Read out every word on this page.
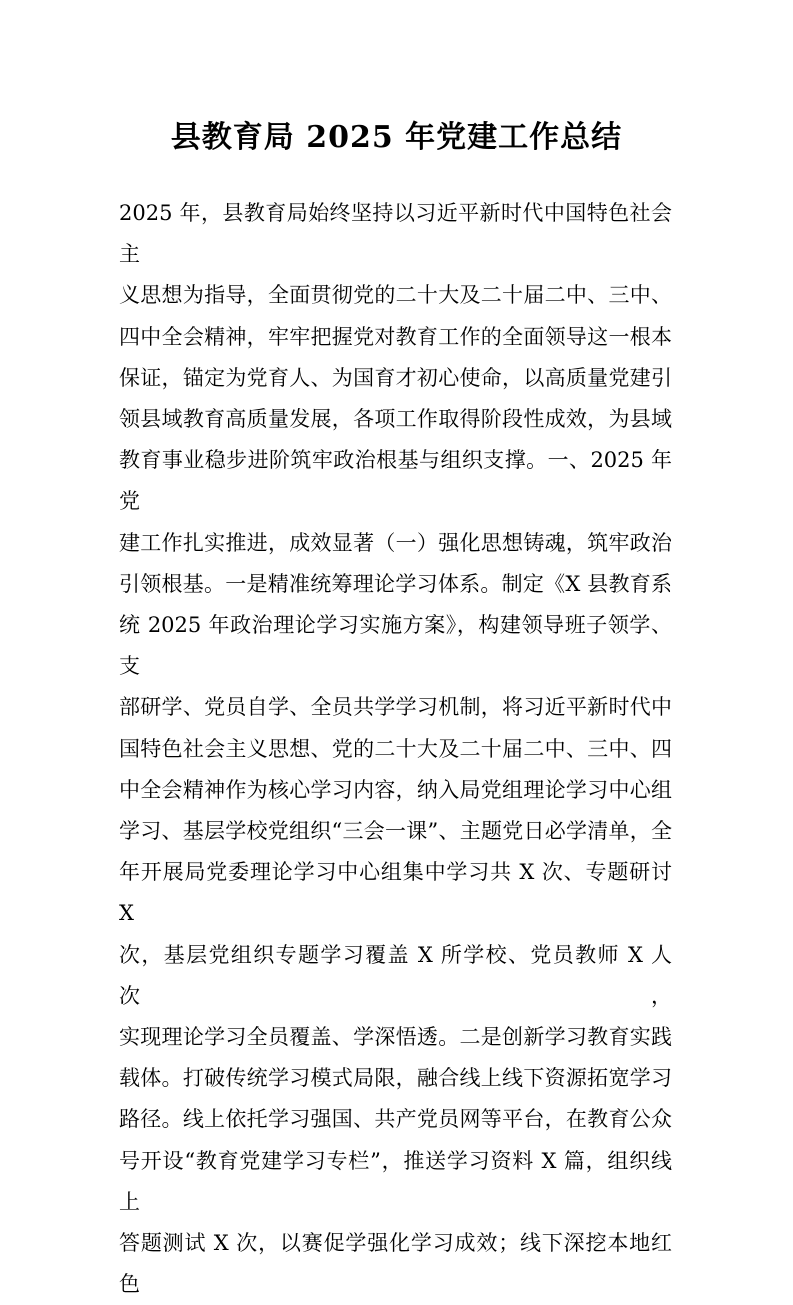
县教育局 2025 年党建工作总结
2025 年，县教育局始终坚持以习近平新时代中国特色社会主
义思想为指导，全面贯彻党的二十大及二十届二中、三中、
四中全会精神，牢牢把握党对教育工作的全面领导这一根本
保证，锚定为党育人、为国育才初心使命，以高质量党建引
领县域教育高质量发展，各项工作取得阶段性成效，为县域
教育事业稳步进阶筑牢政治根基与组织支撑。一、2025 年党
建工作扎实推进，成效显著（一）强化思想铸魂，筑牢政治
引领根基。一是精准统筹理论学习体系。制定《X 县教育系
统 2025 年政治理论学习实施方案》，构建领导班子领学、支
部研学、党员自学、全员共学学习机制，将习近平新时代中
国特色社会主义思想、党的二十大及二十届二中、三中、四
中全会精神作为核心学习内容，纳入局党组理论学习中心组
学习、基层学校党组织“三会一课”、主题党日必学清单，全
年开展局党委理论学习中心组集中学习共 X 次、专题研讨 X
次，基层党组织专题学习覆盖 X 所学校、党员教师 X 人次，
实现理论学习全员覆盖、学深悟透。二是创新学习教育实践
载体。打破传统学习模式局限，融合线上线下资源拓宽学习
路径。线上依托学习强国、共产党员网等平台，在教育公众
号开设“教育党建学习专栏”，推送学习资料 X 篇，组织线上
答题测试 X 次，以赛促学强化学习成效；线下深挖本地红色
